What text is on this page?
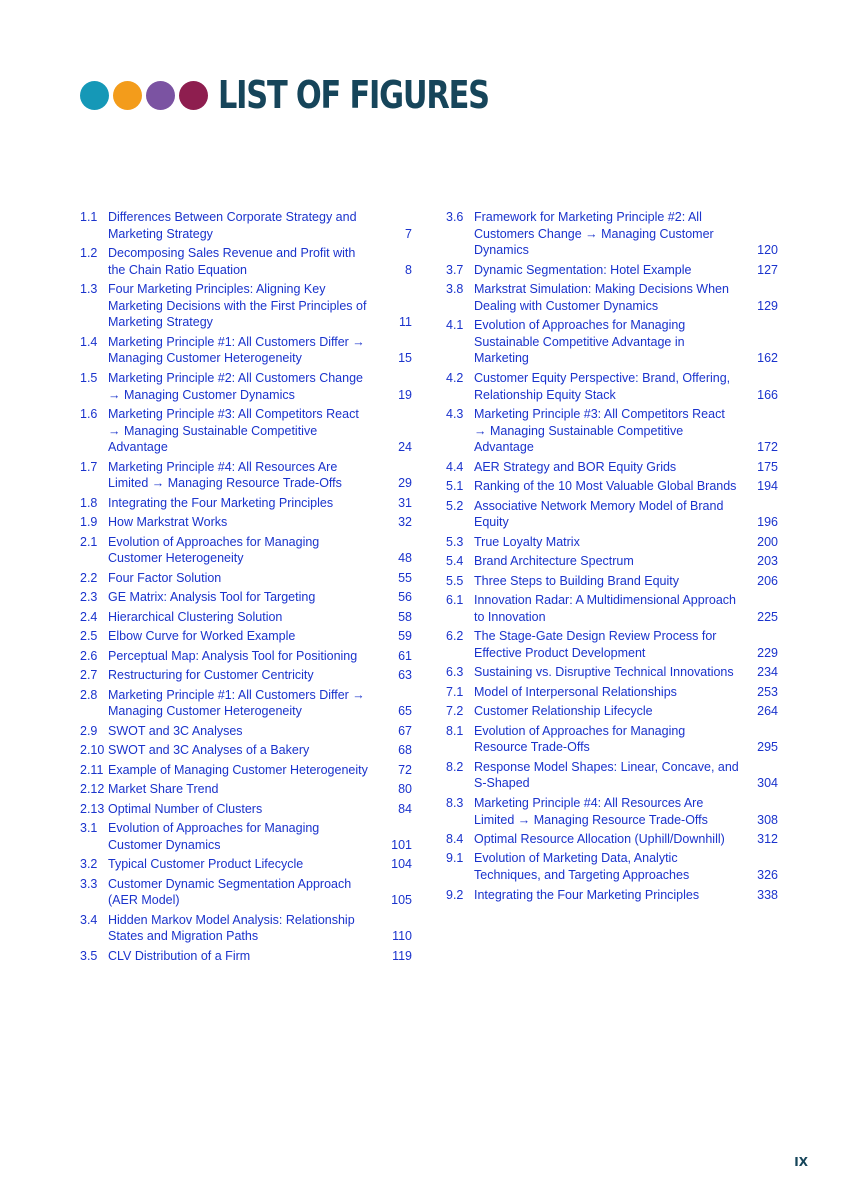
LIST OF FIGURES
1.1 Differences Between Corporate Strategy and Marketing Strategy	7
1.2 Decomposing Sales Revenue and Profit with the Chain Ratio Equation	8
1.3 Four Marketing Principles: Aligning Key Marketing Decisions with the First Principles of Marketing Strategy	11
1.4 Marketing Principle #1: All Customers Differ → Managing Customer Heterogeneity	15
1.5 Marketing Principle #2: All Customers Change → Managing Customer Dynamics	19
1.6 Marketing Principle #3: All Competitors React → Managing Sustainable Competitive Advantage	24
1.7 Marketing Principle #4: All Resources Are Limited → Managing Resource Trade-Offs	29
1.8 Integrating the Four Marketing Principles	31
1.9 How Markstrat Works	32
2.1 Evolution of Approaches for Managing Customer Heterogeneity	48
2.2 Four Factor Solution	55
2.3 GE Matrix: Analysis Tool for Targeting	56
2.4 Hierarchical Clustering Solution	58
2.5 Elbow Curve for Worked Example	59
2.6 Perceptual Map: Analysis Tool for Positioning	61
2.7 Restructuring for Customer Centricity	63
2.8 Marketing Principle #1: All Customers Differ → Managing Customer Heterogeneity	65
2.9 SWOT and 3C Analyses	67
2.10 SWOT and 3C Analyses of a Bakery	68
2.11 Example of Managing Customer Heterogeneity	72
2.12 Market Share Trend	80
2.13 Optimal Number of Clusters	84
3.1 Evolution of Approaches for Managing Customer Dynamics	101
3.2 Typical Customer Product Lifecycle	104
3.3 Customer Dynamic Segmentation Approach (AER Model)	105
3.4 Hidden Markov Model Analysis: Relationship States and Migration Paths	110
3.5 CLV Distribution of a Firm	119
3.6 Framework for Marketing Principle #2: All Customers Change → Managing Customer Dynamics	120
3.7 Dynamic Segmentation: Hotel Example	127
3.8 Markstrat Simulation: Making Decisions When Dealing with Customer Dynamics	129
4.1 Evolution of Approaches for Managing Sustainable Competitive Advantage in Marketing	162
4.2 Customer Equity Perspective: Brand, Offering, Relationship Equity Stack	166
4.3 Marketing Principle #3: All Competitors React → Managing Sustainable Competitive Advantage	172
4.4 AER Strategy and BOR Equity Grids	175
5.1 Ranking of the 10 Most Valuable Global Brands	194
5.2 Associative Network Memory Model of Brand Equity	196
5.3 True Loyalty Matrix	200
5.4 Brand Architecture Spectrum	203
5.5 Three Steps to Building Brand Equity	206
6.1 Innovation Radar: A Multidimensional Approach to Innovation	225
6.2 The Stage-Gate Design Review Process for Effective Product Development	229
6.3 Sustaining vs. Disruptive Technical Innovations	234
7.1 Model of Interpersonal Relationships	253
7.2 Customer Relationship Lifecycle	264
8.1 Evolution of Approaches for Managing Resource Trade-Offs	295
8.2 Response Model Shapes: Linear, Concave, and S-Shaped	304
8.3 Marketing Principle #4: All Resources Are Limited → Managing Resource Trade-Offs	308
8.4 Optimal Resource Allocation (Uphill/Downhill)	312
9.1 Evolution of Marketing Data, Analytic Techniques, and Targeting Approaches	326
9.2 Integrating the Four Marketing Principles	338
IX
